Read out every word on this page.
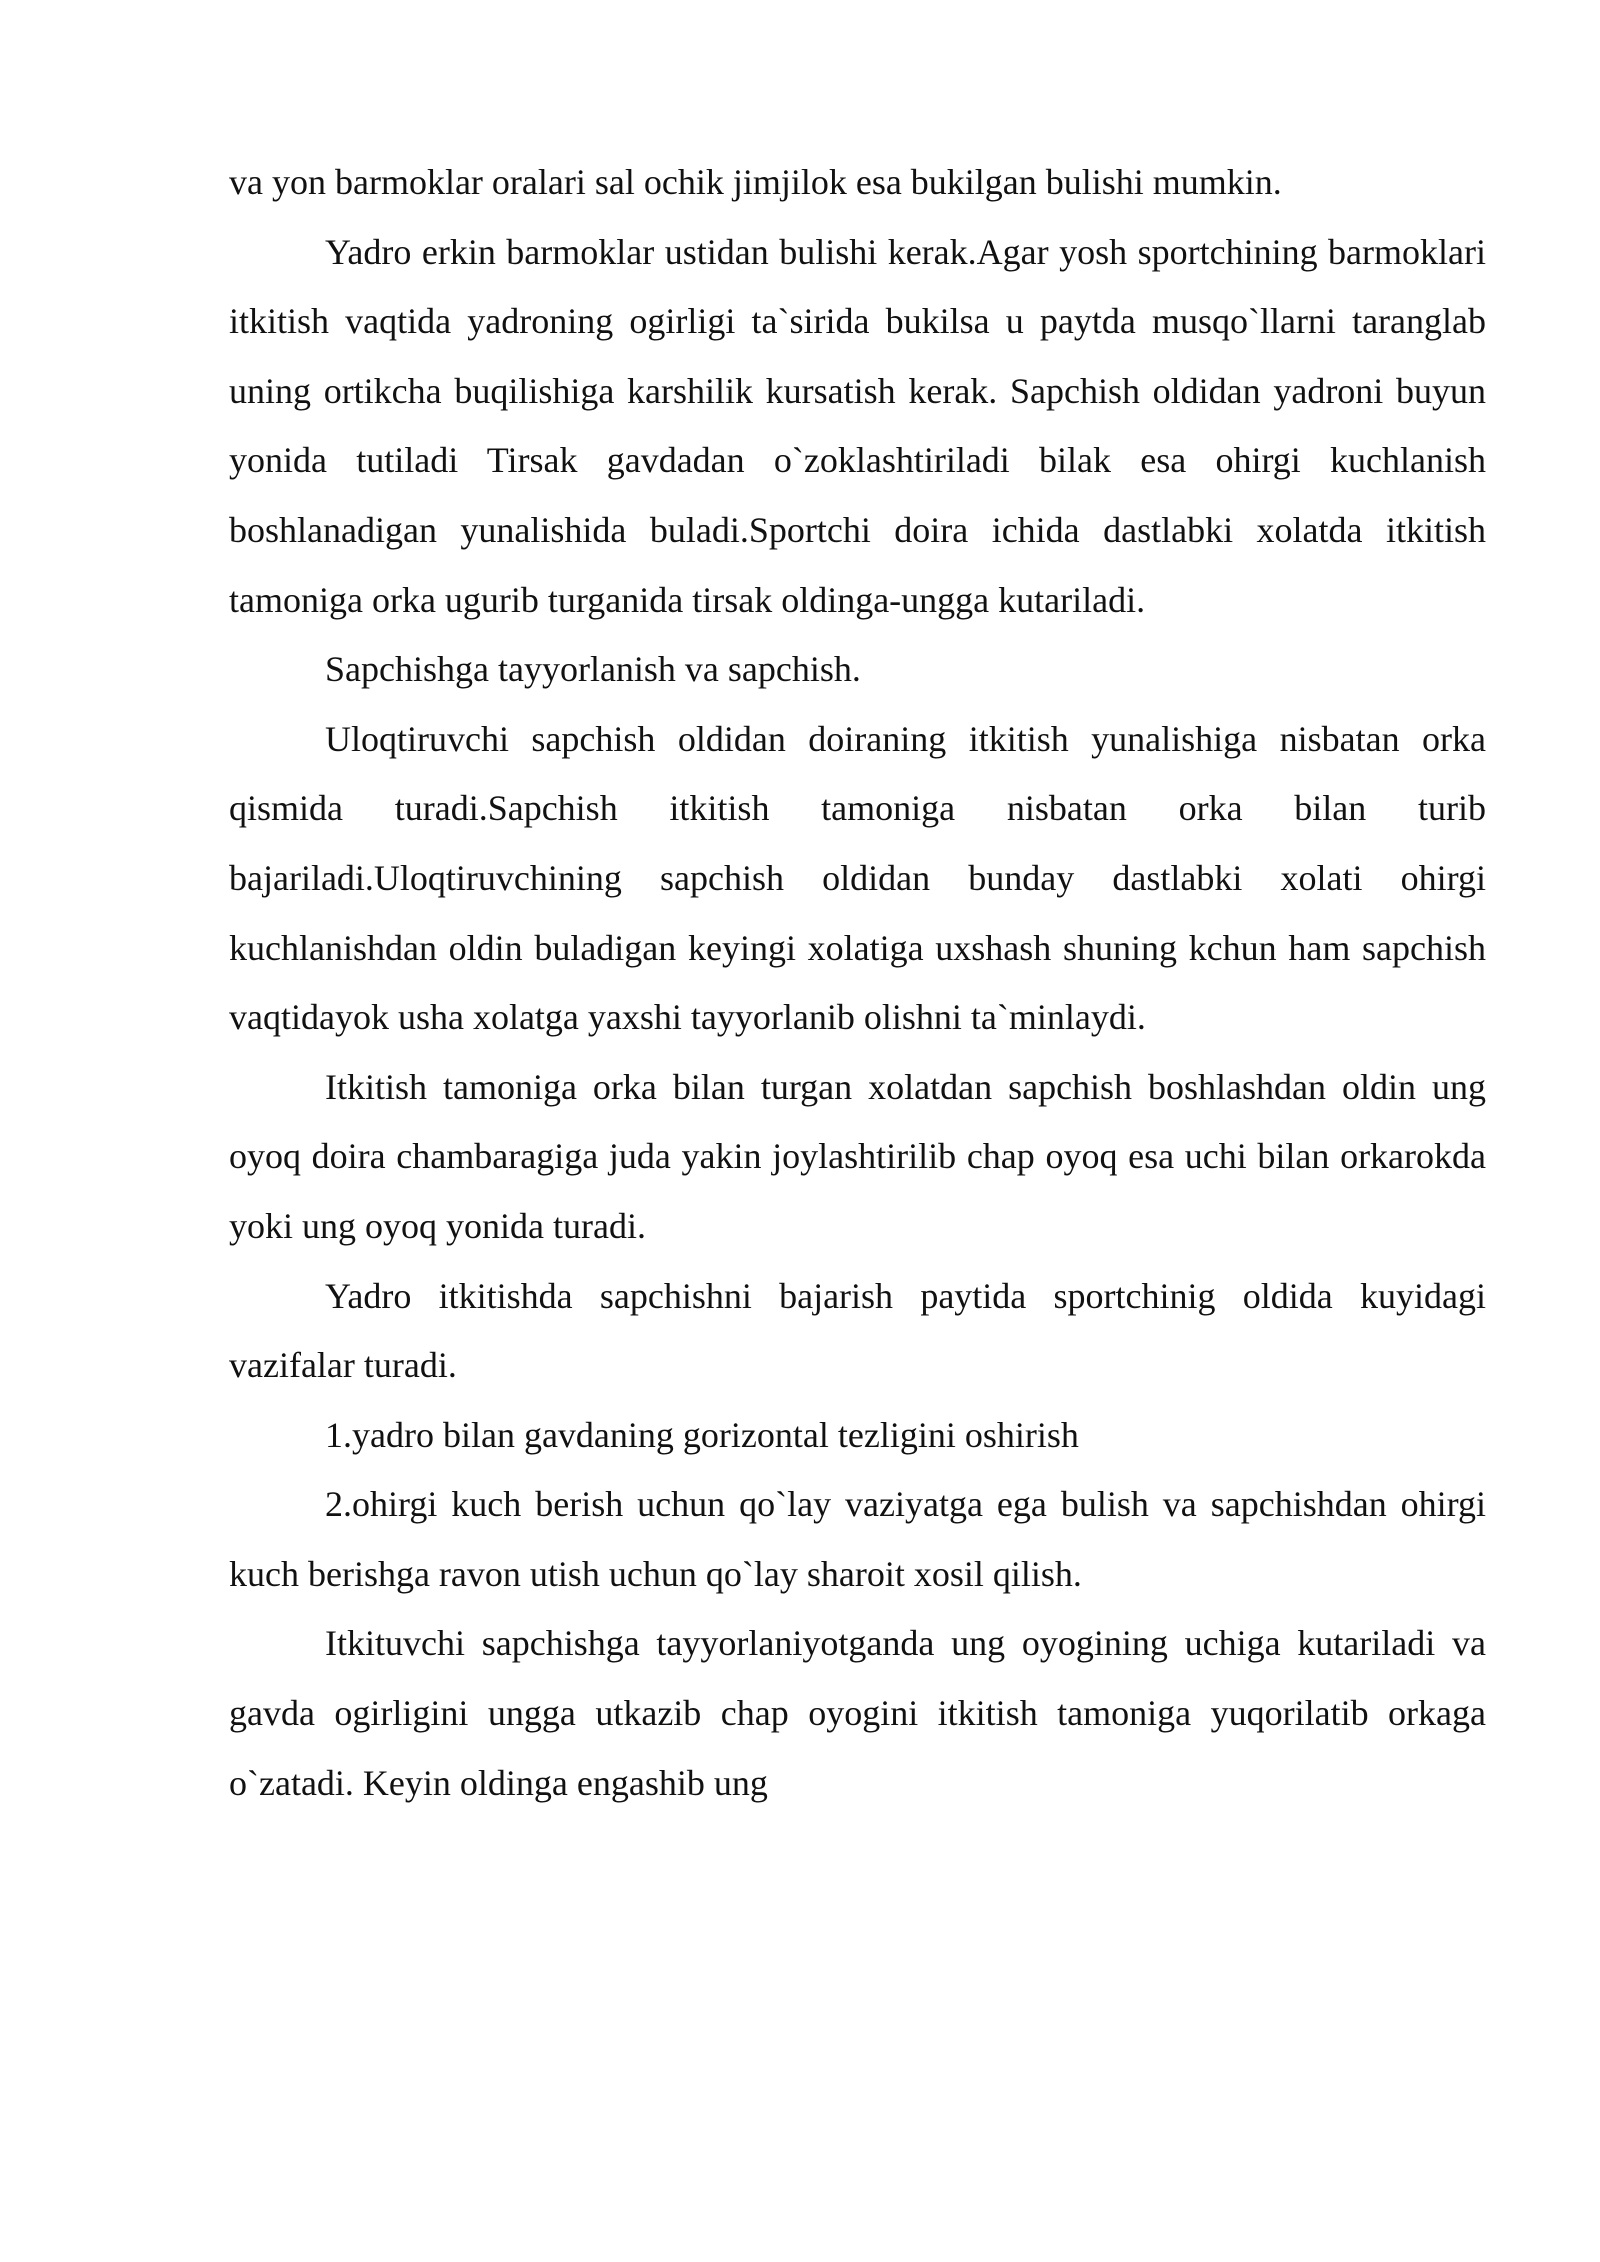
va yon barmoklar oralari sal ochik jimjilok esa bukilgan bulishi mumkin.

Yadro erkin barmoklar ustidan bulishi kerak.Agar yosh sportchining barmoklari itkitish vaqtida yadroning ogirligi ta`sirida bukilsa u paytda musqo`llarni taranglab uning ortikcha buqilishiga karshilik kursatish kerak. Sapchish oldidan yadroni buyun yonida tutiladi Tirsak gavdadan o`zoklashtiriladi bilak esa ohirgi kuchlanish boshlanadigan yunalishida buladi.Sportchi doira ichida dastlabki xolatda itkitish tamoniga orka ugurib turganida tirsak oldinga-ungga kutariladi.

Sapchishga tayyorlanish va sapchish.

Uloqtiruvchi sapchish oldidan doiraning itkitish yunalishiga nisbatan orka qismida turadi.Sapchish itkitish tamoniga nisbatan orka bilan turib bajariladi.Uloqtiruvchining sapchish oldidan bunday dastlabki xolati ohirgi kuchlanishdan oldin buladigan keyingi xolatiga uxshash shuning kchun ham sapchish vaqtidayok usha xolatga yaxshi tayyorlanib olishni ta`minlaydi.

Itkitish tamoniga orka bilan turgan xolatdan sapchish boshlashdan oldin ung oyoq doira chambaragiga juda yakin joylashtirilib chap oyoq esa uchi bilan orkarokda yoki ung oyoq yonida turadi.

Yadro itkitishda sapchishni bajarish paytida sportchinig oldida kuyidagi vazifalar turadi.

1.yadro bilan gavdaning gorizontal tezligini oshirish

2.ohirgi kuch berish uchun qo`lay vaziyatga ega bulish va sapchishdan ohirgi kuch berishga ravon utish uchun qo`lay sharoit xosil qilish.

Itkituvchi sapchishga tayyorlaniyotganda ung oyogining uchiga kutariladi va gavda ogirligini ungga utkazib chap oyogini itkitish tamoniga yuqorilatib orkaga o`zatadi. Keyin oldinga engashib ung
